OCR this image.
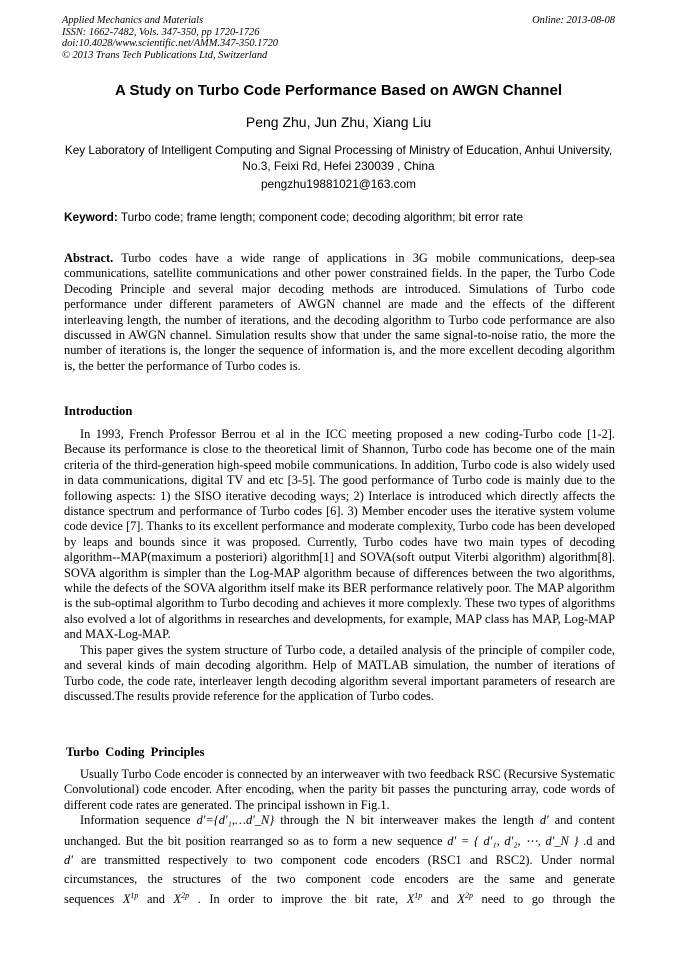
Applied Mechanics and Materials
ISSN: 1662-7482, Vols. 347-350, pp 1720-1726
doi:10.4028/www.scientific.net/AMM.347-350.1720
© 2013 Trans Tech Publications Ltd, Switzerland
Online: 2013-08-08
A Study on Turbo Code Performance Based on AWGN Channel
Peng Zhu, Jun Zhu, Xiang Liu
Key Laboratory of Intelligent Computing and Signal Processing of Ministry of Education, Anhui University, No.3, Feixi Rd, Hefei 230039 , China
pengzhu19881021@163.com
Keyword: Turbo code; frame length; component code; decoding algorithm; bit error rate
Abstract. Turbo codes have a wide range of applications in 3G mobile communications, deep-sea communications, satellite communications and other power constrained fields. In the paper, the Turbo Code Decoding Principle and several major decoding methods are introduced. Simulations of Turbo code performance under different parameters of AWGN channel are made and the effects of the different interleaving length, the number of iterations, and the decoding algorithm to Turbo code performance are also discussed in AWGN channel. Simulation results show that under the same signal-to-noise ratio, the more the number of iterations is, the longer the sequence of information is, and the more excellent decoding algorithm is, the better the performance of Turbo codes is.
Introduction

In 1993, French Professor Berrou et al in the ICC meeting proposed a new coding-Turbo code [1-2]. Because its performance is close to the theoretical limit of Shannon, Turbo code has become one of the main criteria of the third-generation high-speed mobile communications. In addition, Turbo code is also widely used in data communications, digital TV and etc [3-5]. The good performance of Turbo code is mainly due to the following aspects: 1) the SISO iterative decoding ways; 2) Interlace is introduced which directly affects the distance spectrum and performance of Turbo codes [6]. 3) Member encoder uses the iterative system volume code device [7]. Thanks to its excellent performance and moderate complexity, Turbo code has been developed by leaps and bounds since it was proposed. Currently, Turbo codes have two main types of decoding algorithm--MAP(maximum a posteriori) algorithm[1] and SOVA(soft output Viterbi algorithm) algorithm[8]. SOVA algorithm is simpler than the Log-MAP algorithm because of differences between the two algorithms, while the defects of the SOVA algorithm itself make its BER performance relatively poor. The MAP algorithm is the sub-optimal algorithm to Turbo decoding and achieves it more complexly. These two types of algorithms also evolved a lot of algorithms in researches and developments, for example, MAP class has MAP, Log-MAP and MAX-Log-MAP.

This paper gives the system structure of Turbo code, a detailed analysis of the principle of compiler code, and several kinds of main decoding algorithm. Help of MATLAB simulation, the number of iterations of Turbo code, the code rate, interleaver length decoding algorithm several important parameters of research are discussed.The results provide reference for the application of Turbo codes.

Turbo Coding Principles

Usually Turbo Code encoder is connected by an interweaver with two feedback RSC (Recursive Systematic Convolutional) code encoder. After encoding, when the parity bit passes the puncturing array, code words of different code rates are generated. The principal isshown in Fig.1.

Information sequence d'={d'₁,…d'_N} through the N bit interweaver makes the length d' and content
unchanged. But the bit position rearranged so as to form a new sequence d' = { d'₁, d'₂, ⋯, d'_N } .d and
d' are transmitted respectively to two component code encoders (RSC1 and RSC2). Under normal
circumstances, the structures of the two component code encoders are the same and generate
sequences $X^{1p}$ and $X^{2p}$ . In order to improve the bit rate, $X^{1p}$ and $X^{2p}$ need to go through the
